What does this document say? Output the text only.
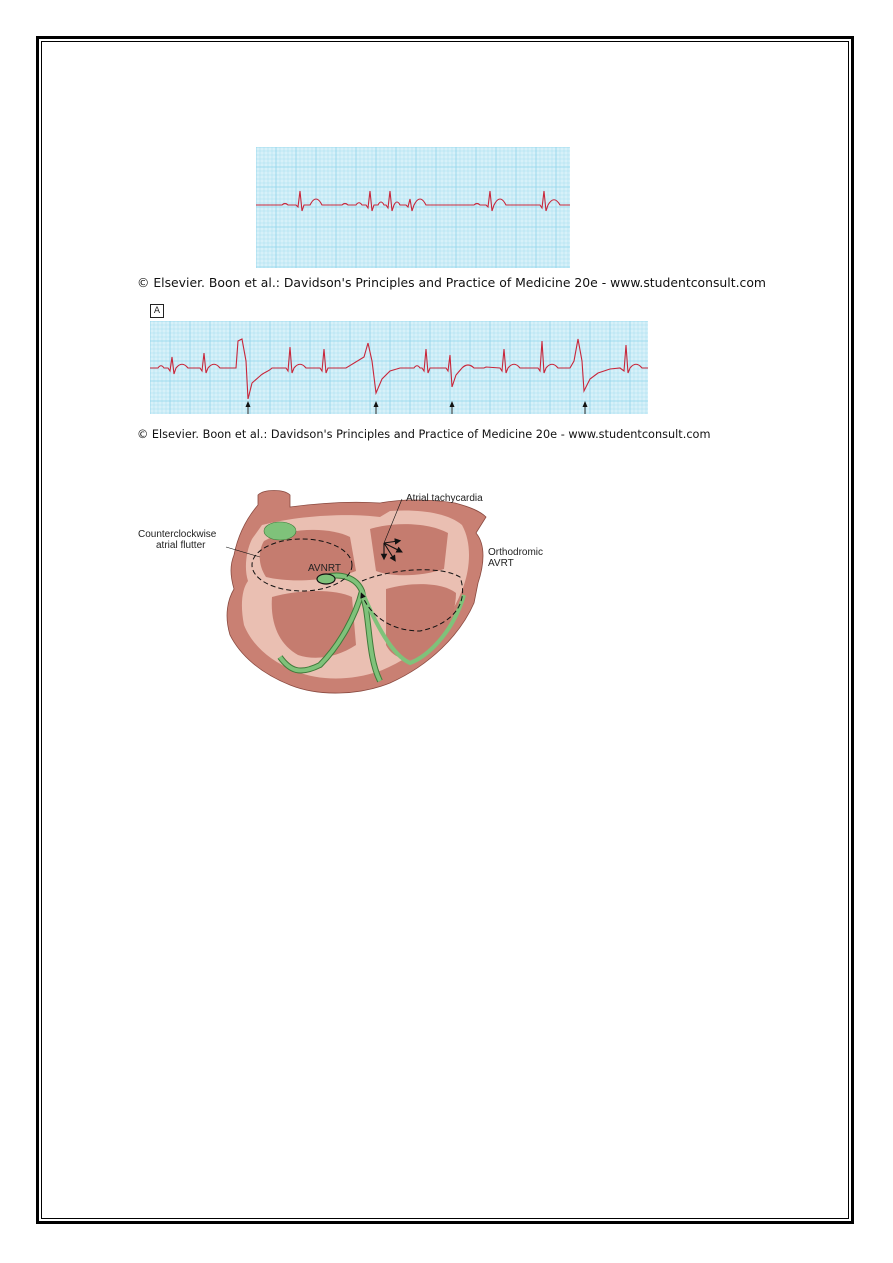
© Elsevier. Boon et al.: Davidson's Principles and Practice of Medicine 20e - www.studentconsult.com
A
© Elsevier. Boon et al.: Davidson's Principles and Practice of Medicine 20e - www.studentconsult.com
Atrial tachycardia
Counterclockwise
atrial flutter
AVNRT
Orthodromic
AVRT
